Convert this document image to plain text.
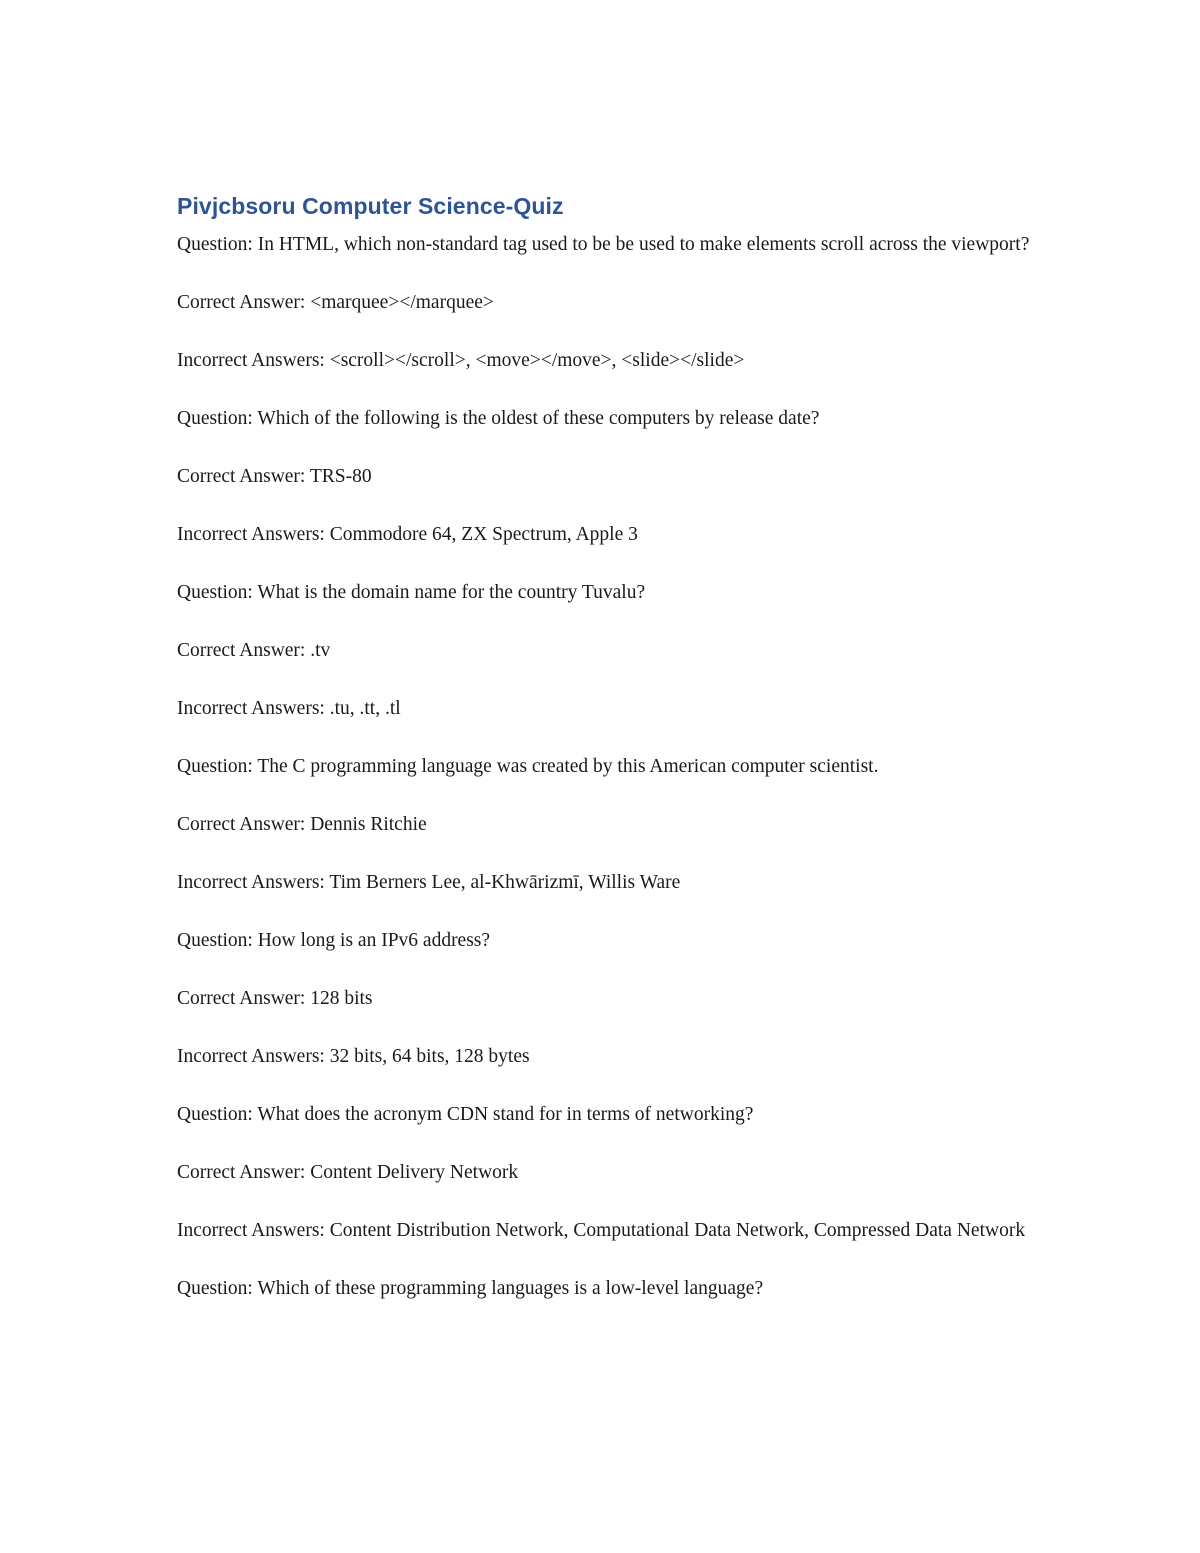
Pivjcbsoru Computer Science-Quiz

Question: In HTML, which non-standard tag used to be be used to make elements scroll across the viewport?

Correct Answer: <marquee></marquee>

Incorrect Answers: <scroll></scroll>, <move></move>, <slide></slide>

Question: Which of the following is the oldest of these computers by release date?

Correct Answer: TRS-80

Incorrect Answers: Commodore 64, ZX Spectrum, Apple 3

Question: What is the domain name for the country Tuvalu?

Correct Answer: .tv

Incorrect Answers: .tu, .tt, .tl

Question: The C programming language was created by this American computer scientist.

Correct Answer: Dennis Ritchie

Incorrect Answers: Tim Berners Lee, al-Khwārizmī, Willis Ware

Question: How long is an IPv6 address?

Correct Answer: 128 bits

Incorrect Answers: 32 bits, 64 bits, 128 bytes

Question: What does the acronym CDN stand for in terms of networking?

Correct Answer: Content Delivery Network

Incorrect Answers: Content Distribution Network, Computational Data Network, Compressed Data Network

Question: Which of these programming languages is a low-level language?
